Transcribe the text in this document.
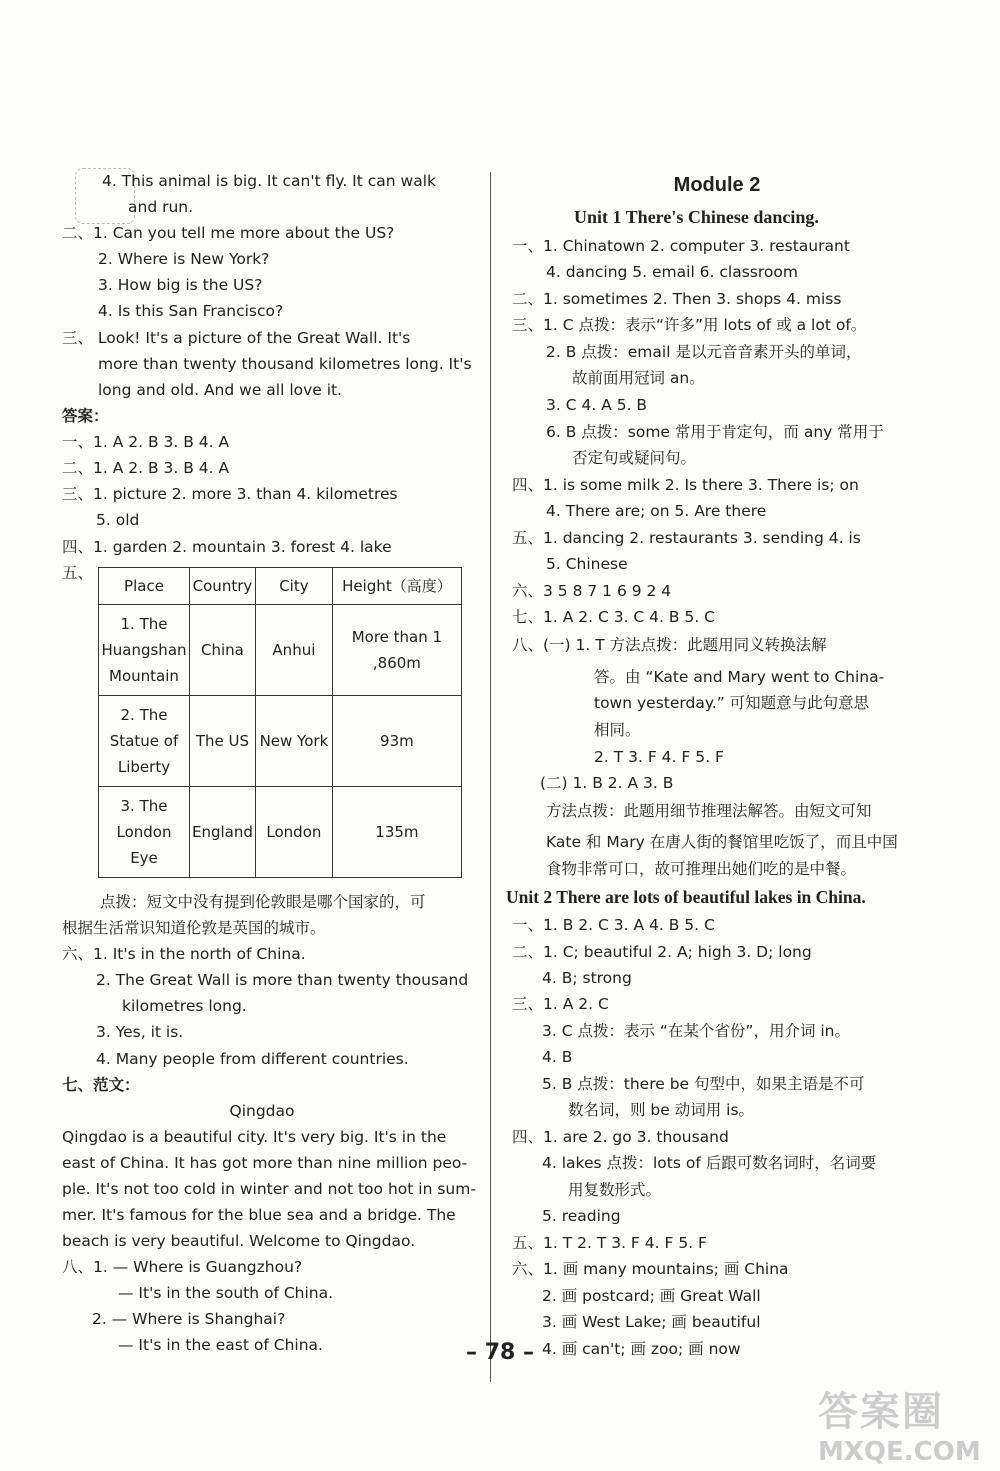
答案圈
MXQE.COM
4. This animal is big. It can't fly. It can walk
and run.
二、1. Can you tell me more about the US?
2. Where is New York?
3. How big is the US?
4. Is this San Francisco?
三、 Look! It's a picture of the Great Wall. It's
more than twenty thousand kilometres long. It's
long and old. And we all love it.
答案：
一、1. A 2. B 3. B 4. A
二、1. A 2. B 3. B 4. A
三、1. picture 2. more 3. than 4. kilometres
5. old
四、1. garden 2. mountain 3. forest 4. lake
五、
Place	Country	City	Height（高度）
1. The Huangshan Mountain	China	Anhui	More than 1 ,860m
2. The Statue of Liberty	The US	New York	93m
3. The London Eye	England	London	135m
点拨：短文中没有提到伦敦眼是哪个国家的，可
根据生活常识知道伦敦是英国的城市。
六、1. It's in the north of China.
2. The Great Wall is more than twenty thousand
kilometres long.
3. Yes, it is.
4. Many people from different countries.
七、范文：
Qingdao
Qingdao is a beautiful city. It's very big. It's in the
east of China. It has got more than nine million peo-
ple. It's not too cold in winter and not too hot in sum-
mer. It's famous for the blue sea and a bridge. The
beach is very beautiful. Welcome to Qingdao.
八、1. — Where is Guangzhou?
— It's in the south of China.
2. — Where is Shanghai?
— It's in the east of China.
Module 2
Unit 1 There's Chinese dancing.
一、1. Chinatown 2. computer 3. restaurant
4. dancing 5. email 6. classroom
二、1. sometimes 2. Then 3. shops 4. miss
三、1. C 点拨：表示“许多”用 lots of 或 a lot of。
2. B 点拨：email 是以元音音素开头的单词，
故前面用冠词 an。
3. C 4. A 5. B
6. B 点拨：some 常用于肯定句，而 any 常用于
否定句或疑问句。
四、1. is some milk 2. Is there 3. There is; on
4. There are; on 5. Are there
五、1. dancing 2. restaurants 3. sending 4. is
5. Chinese
六、3 5 8 7 1 6 9 2 4
七、1. A 2. C 3. C 4. B 5. C
八、(一) 1. T 方法点拨：此题用同义转换法解
答。由 “Kate and Mary went to China-
town yesterday.” 可知题意与此句意思
相同。
2. T 3. F 4. F 5. F
(二) 1. B 2. A 3. B
方法点拨：此题用细节推理法解答。由短文可知
Kate 和 Mary 在唐人街的餐馆里吃饭了，而且中国
食物非常可口，故可推理出她们吃的是中餐。
Unit 2 There are lots of beautiful lakes in China.
一、1. B 2. C 3. A 4. B 5. C
二、1. C; beautiful 2. A; high 3. D; long
4. B; strong
三、1. A 2. C
3. C 点拨：表示 “在某个省份”，用介词 in。
4. B
5. B 点拨：there be 句型中，如果主语是不可
数名词，则 be 动词用 is。
四、1. are 2. go 3. thousand
4. lakes 点拨：lots of 后跟可数名词时，名词要
用复数形式。
5. reading
五、1. T 2. T 3. F 4. F 5. F
六、1. 画 many mountains; 画 China
2. 画 postcard; 画 Great Wall
3. 画 West Lake; 画 beautiful
4. 画 can't; 画 zoo; 画 now
– 78 –
